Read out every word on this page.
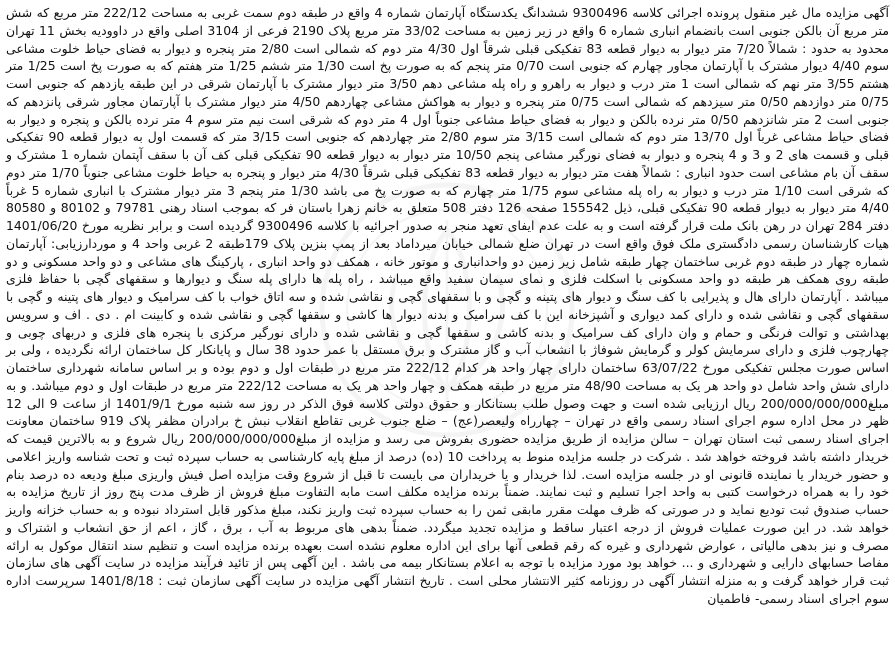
آگهی مزایده مال غیر منقول پرونده اجرائی کلاسه 9300496 ششدانگ یکدستگاه آپارتمان شماره 4 واقع در طبقه دوم سمت غربی به مساحت 222/12 متر مربع که شش متر مربع آن بالکن جنوبی است بانضمام انباری شماره 6 واقع در زیر زمین به مساحت 33/02 متر مربع پلاک 2190 فرعی از 3104 اصلی واقع در داوودیه بخش 11 تهران محدود به حدود : شمالاً 7/20 متر دیوار به دیوار قطعه 83 تفکیکی قبلی شرقاً اول 4/30 متر دوم که شمالی است 2/80 متر پنجره و دیوار به فضای حیاط خلوت مشاعی سوم 4/40 دیوار مشترک با آپارتمان مجاور چهارم که جنوبی است 0/70 متر پنجم که به صورت پخ است 1/30 متر ششم 1/25 متر هفتم که به صورت پخ است 1/25 متر هشتم 3/55 متر نهم که شمالی است 1 متر درب و دیوار به راهرو و راه پله مشاعی دهم 3/50 متر دیوار مشترک با آپارتمان شرقی در این طبقه یازدهم که جنوبی است 0/75 متر دوازدهم 0/50 متر سیزدهم که شمالی است 0/75 متر پنجره و دیوار به هواکش مشاعی چهاردهم 4/50 متر دیوار مشترک با آپارتمان مجاور شرقی پانزدهم که جنوبی است 2 متر شانزدهم 0/50 متر نرده بالکن و دیوار به فضای حیاط مشاعی جنوباً اول 4 متر دوم که شرقی است نیم متر سوم 4 متر نرده بالکن و پنجره و دیوار به فضای حیاط مشاعی غرباً اول 13/70 متر دوم که شمالی است 3/15 متر سوم 2/80 متر چهاردهم که جنوبی است 3/15 متر که قسمت اول به دیوار قطعه 90 تفکیکی قبلی و قسمت های 2 و 3 و 4 پنجره و دیوار به فضای نورگیر مشاعی پنجم 10/50 متر دیوار به دیوار قطعه 90 تفکیکی قبلی کف آن با سقف آپتمان شماره 1 مشترک و سقف آن بام مشاعی است حدود انباری : شمالاً هفت متر دیوار به دیوار قطعه 83 تفکیکی قبلی شرقاً 4/30 متر دیوار و پنجره به حیاط خلوت مشاعی جنوباً 1/70 متر دوم که شرقی است 1/10 متر درب و دیوار به راه پله مشاعی سوم 1/75 متر چهارم که به صورت پخ می باشد 1/30 متر پنجم 3 متر دیوار مشترک با انباری شماره 5 غرباً 4/40 متر دیوار به دیوار قطعه 90 تفکیکی قبلی، ذیل 155542 صفحه 126 دفتر 508 متعلق به خانم زهرا باستان فر که بموجب اسناد رهنی 79781 و 80102 و 80580 دفتر 284 تهران در رهن بانک ملت قرار گرفته است و به علت عدم ایفای تعهد منجر به صدور اجرائیه با کلاسه 9300496 گردیده است و برابر نظریه مورخ 1401/06/20 هیات کارشناسان رسمی دادگستری ملک فوق واقع است در تهران ضلع شمالی خیابان میرداماد بعد از پمپ بنزین پلاک 179طبقه 2 غربی واحد 4 و موردارزیابی: آپارتمان شماره چهار در طبقه دوم غربی ساختمان چهار طبقه شامل زیر زمین دو واحدانباری و موتور خانه ، همکف دو واحد انباری ، پارکینگ های مشاعی و دو واحد مسکونی و دو طبقه روی همکف هر طبقه دو واحد مسکونی با اسکلت فلزی و نمای سیمان سفید واقع میباشد ، راه پله ها دارای پله سنگ و دیوارها و سقفهای گچی با حفاظ فلزی میباشد . آپارتمان دارای هال و پذیرایی با کف سنگ و دیوار های پتینه و گچی و با سقفهای گچی و نقاشی شده و سه اتاق خواب با کف سرامیک و دیوار های پتینه و گچی با سقفهای گچی و نقاشی شده و دارای کمد دیواری و آشپزخانه این با کف سرامیک و بدنه دیوار ها کاشی و سقفها گچی و نقاشی شده و کابینت ام . دی . اف و سرویس بهداشتی و توالت فرنگی و حمام و وان دارای کف سرامیک و بدنه کاشی و سقفها گچی و نقاشی شده و دارای نورگیر مرکزی با پنجره های فلزی و دربهای چوبی و چهارچوب فلزی و دارای سرمایش کولر و گرمایش شوفاژ با انشعاب آب و گاز مشترک و برق مستقل با عمر حدود 38 سال و پایانکار کل ساختمان ارائه نگردیده ، ولی بر اساس صورت مجلس تفکیکی مورخ 63/07/22 ساختمان دارای چهار واحد هر کدام 222/12 متر مربع در طبقات اول و دوم بوده و بر اساس سامانه شهرداری ساختمان دارای شش واحد شامل دو واحد هر یک به مساحت 48/90 متر مربع در طبقه همکف و چهار واحد هر یک به مساحت 222/12 متر مربع در طبقات اول و دوم میباشد. و به مبلغ200/000/000/000 ریال ارزیابی شده است و جهت وصول طلب بستانکار و حقوق دولتی کلاسه فوق الذکر در روز سه شنبه مورخ 1401/9/1 از ساعت 9 الی 12 ظهر در محل اداره سوم اجرای اسناد رسمی واقع در تهران – چهارراه ولیعصر(عج) – ضلع جنوب غربی تقاطع انقلاب نبش خ برادران مظفر پلاک 919 ساختمان معاونت اجرای اسناد رسمی ثبت استان تهران – سالن مزایده از طریق مزایده حضوری بفروش می رسد و مزایده از مبلغ200/000/000/000 ریال شروع و به بالاترین قیمت که خریدار داشته باشد فروخته خواهد شد . شرکت در جلسه مزایده منوط به پرداخت 10 (ده) درصد از مبلغ پایه کارشناسی به حساب سپرده ثبت و تحت شناسه واریز اعلامی و حضور خریدار یا نماینده قانونی او در جلسه مزایده است. لذا خریدار و یا خریداران می بایست تا قبل از شروع وقت مزایده اصل فیش واریزی مبلغ ودیعه ده درصد بنام خود را به همراه درخواست کتبی به واحد اجرا تسلیم و ثبت نمایند. ضمناً برنده مزایده مکلف است مابه التفاوت مبلغ فروش از ظرف مدت پنج روز از تاریخ مزایده به حساب صندوق ثبت تودیع نماید و در صورتی که ظرف مهلت مقرر مابقی ثمن را به حساب سپرده ثبت واریز نکند، مبلغ مذکور قابل استرداد نبوده و به حساب خزانه واریز خواهد شد. در این صورت عملیات فروش از درجه اعتبار ساقط و مزایده تجدید میگردد. ضمناً بدهی های مربوط به آب ، برق ، گاز ، اعم از حق انشعاب و اشتراک و مصرف و نیز بدهی مالیاتی ، عوارض شهرداری و غیره که رقم قطعی آنها برای این اداره معلوم نشده است بعهده برنده مزایده است و تنظیم سند انتقال موکول به ارائه مفاصا حسابهای دارایی و شهرداری و ... خواهد بود مورد مزایده با توجه به اعلام بستانکار بیمه می باشد . این آگهی پس از تائید فرآیند مزایده در سایت آگهی های سازمان ثبت قرار خواهد گرفت و به منزله انتشار آگهی در روزنامه کثیر الانتشار محلی است . تاریخ انتشار آگهی مزایده در سایت آگهی سازمان ثبت : 1401/8/18 سرپرست اداره سوم اجرای اسناد رسمی- فاطمیان
